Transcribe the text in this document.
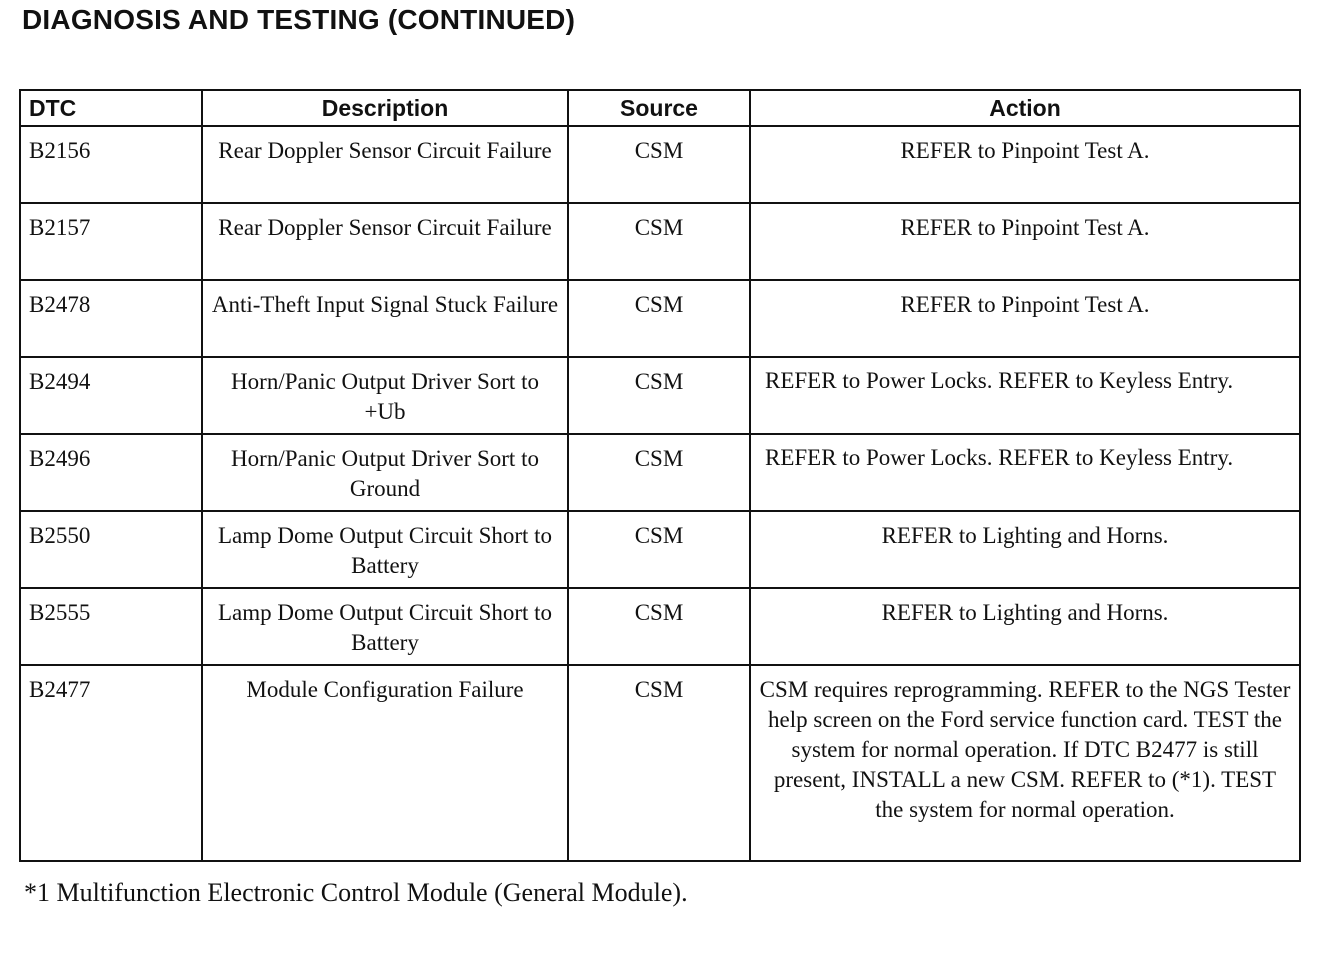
DIAGNOSIS AND TESTING (CONTINUED)
DTC	Description	Source	Action
B2156	Rear Doppler Sensor Circuit Failure	CSM	REFER to Pinpoint Test A.
B2157	Rear Doppler Sensor Circuit Failure	CSM	REFER to Pinpoint Test A.
B2478	Anti-Theft Input Signal Stuck Failure	CSM	REFER to Pinpoint Test A.
B2494	Horn/Panic Output Driver Sort to +Ub	CSM	REFER to Power Locks. REFER to Keyless Entry.
B2496	Horn/Panic Output Driver Sort to Ground	CSM	REFER to Power Locks. REFER to Keyless Entry.
B2550	Lamp Dome Output Circuit Short to Battery	CSM	REFER to Lighting and Horns.
B2555	Lamp Dome Output Circuit Short to Battery	CSM	REFER to Lighting and Horns.
B2477	Module Configuration Failure	CSM	CSM requires reprogramming. REFER to the NGS Tester help screen on the Ford service function card. TEST the system for normal operation. If DTC B2477 is still present, INSTALL a new CSM. REFER to (*1). TEST the system for normal operation.

*1 Multifunction Electronic Control Module (General Module).
